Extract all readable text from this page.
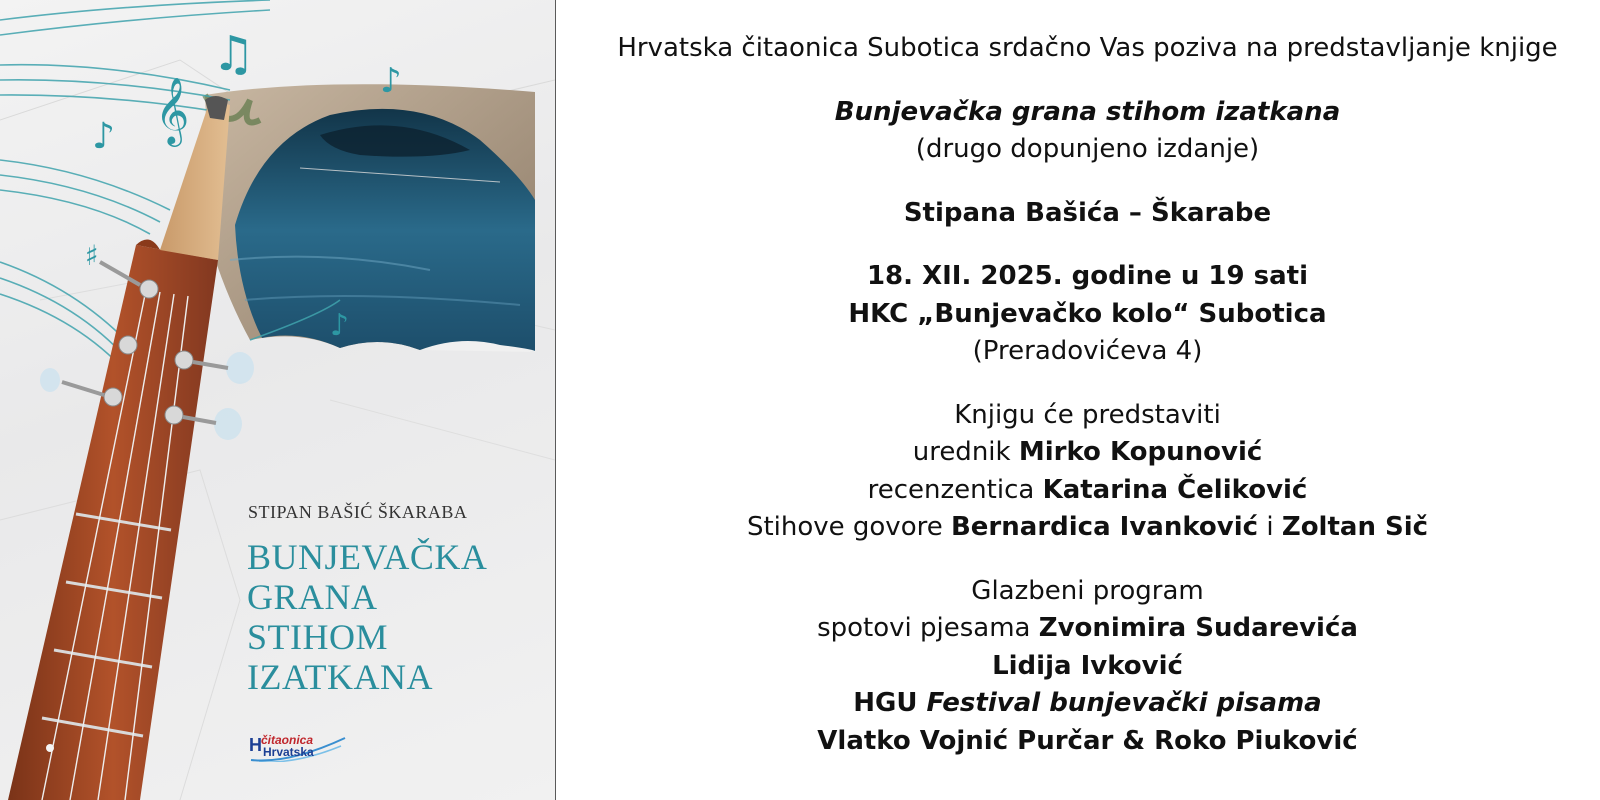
𝄞
♫
♪
♪
♯
♪
STIPAN BAŠIĆ ŠKARABA
BUNJEVAČKA
GRANA
STIHOM
IZATKANA
H čitaonica
Hrvatska
Hrvatska čitaonica Subotica srdačno Vas poziva na predstavljanje knjige
Bunjevačka grana stihom izatkana
(drugo dopunjeno izdanje)
Stipana Bašića – Škarabe
18. XII. 2025. godine u 19 sati
HKC „Bunjevačko kolo“ Subotica
(Preradovićeva 4)
Knjigu će predstaviti
urednik Mirko Kopunović
recenzentica Katarina Čeliković
Stihove govore Bernardica Ivanković i Zoltan Sič
Glazbeni program
spotovi pjesama Zvonimira Sudarevića
Lidija Ivković
HGU Festival bunjevački pisama
Vlatko Vojnić Purčar & Roko Piuković
